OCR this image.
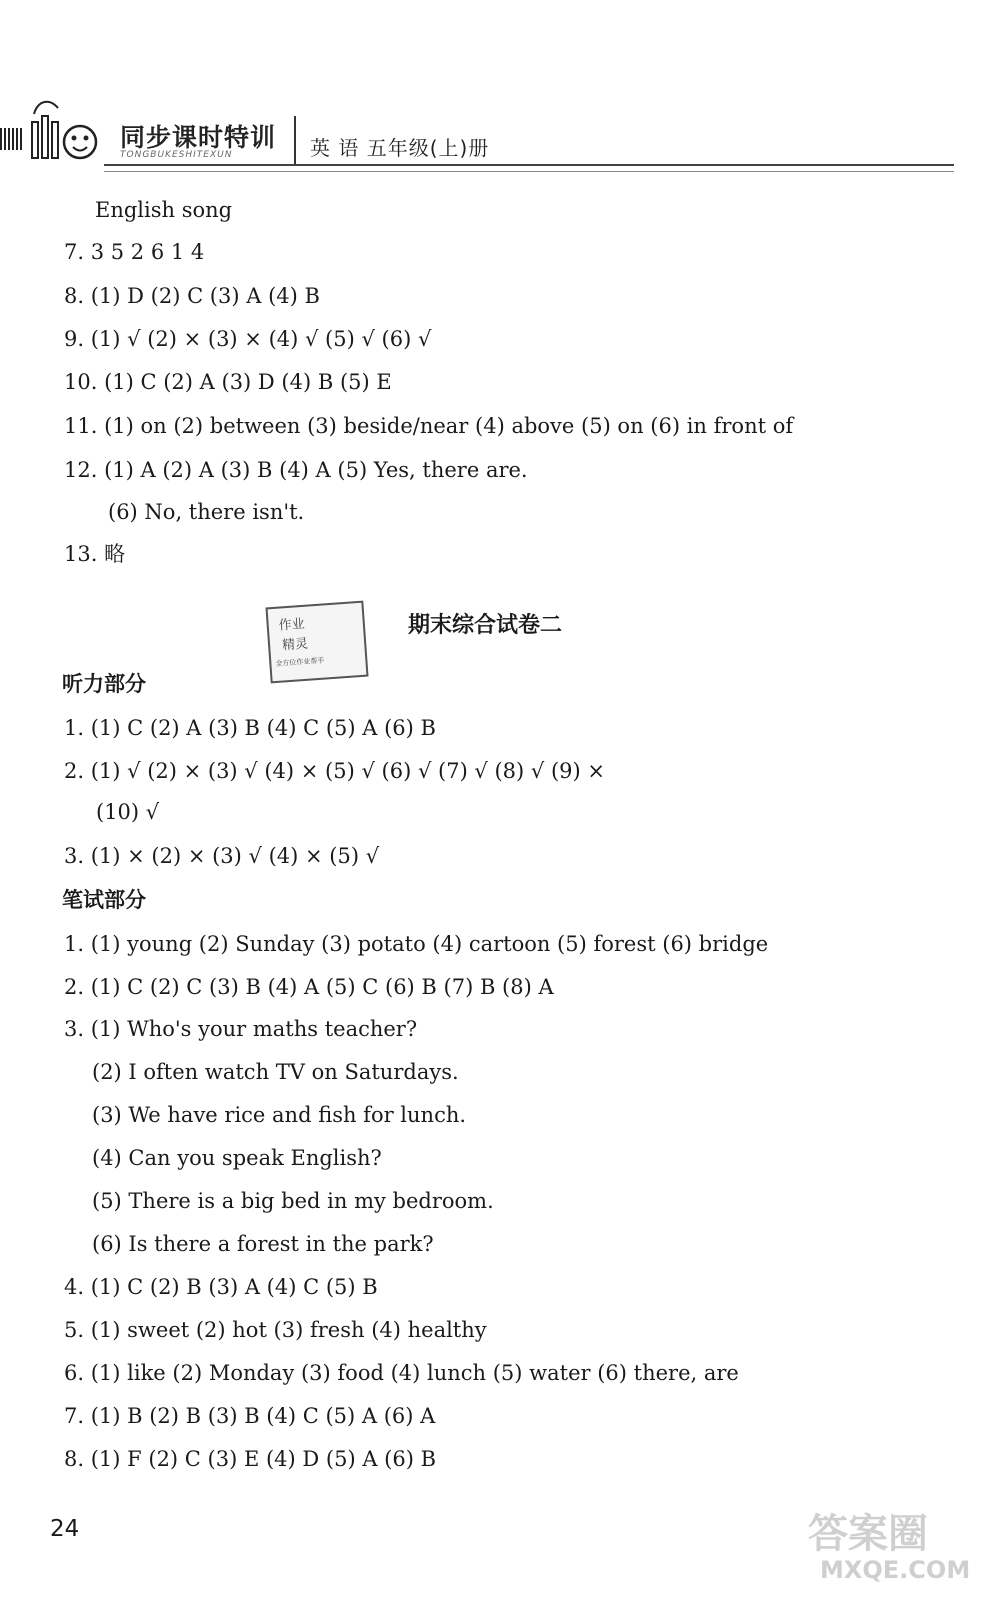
同步课时特训
TONGBUKESHITEXUN	英 语 五年级(上)册
English song
7. 3 5 2 6 1 4
8. (1) D (2) C (3) A (4) B
9. (1) √ (2) × (3) × (4) √ (5) √ (6) √
10. (1) C (2) A (3) D (4) B (5) E
11. (1) on (2) between (3) beside/near (4) above (5) on (6) in front of
12. (1) A (2) A (3) B (4) A (5) Yes, there are.
(6) No, there isn't.
13. 略
作业
精灵
全方位作业帮手
期末综合试卷二
听力部分
1. (1) C (2) A (3) B (4) C (5) A (6) B
2. (1) √ (2) × (3) √ (4) × (5) √ (6) √ (7) √ (8) √ (9) ×
(10) √
3. (1) × (2) × (3) √ (4) × (5) √
笔试部分
1. (1) young (2) Sunday (3) potato (4) cartoon (5) forest (6) bridge
2. (1) C (2) C (3) B (4) A (5) C (6) B (7) B (8) A
3. (1) Who's your maths teacher?
(2) I often watch TV on Saturdays.
(3) We have rice and fish for lunch.
(4) Can you speak English?
(5) There is a big bed in my bedroom.
(6) Is there a forest in the park?
4. (1) C (2) B (3) A (4) C (5) B
5. (1) sweet (2) hot (3) fresh (4) healthy
6. (1) like (2) Monday (3) food (4) lunch (5) water (6) there, are
7. (1) B (2) B (3) B (4) C (5) A (6) A
8. (1) F (2) C (3) E (4) D (5) A (6) B
24	答案圈
MXQE.COM
